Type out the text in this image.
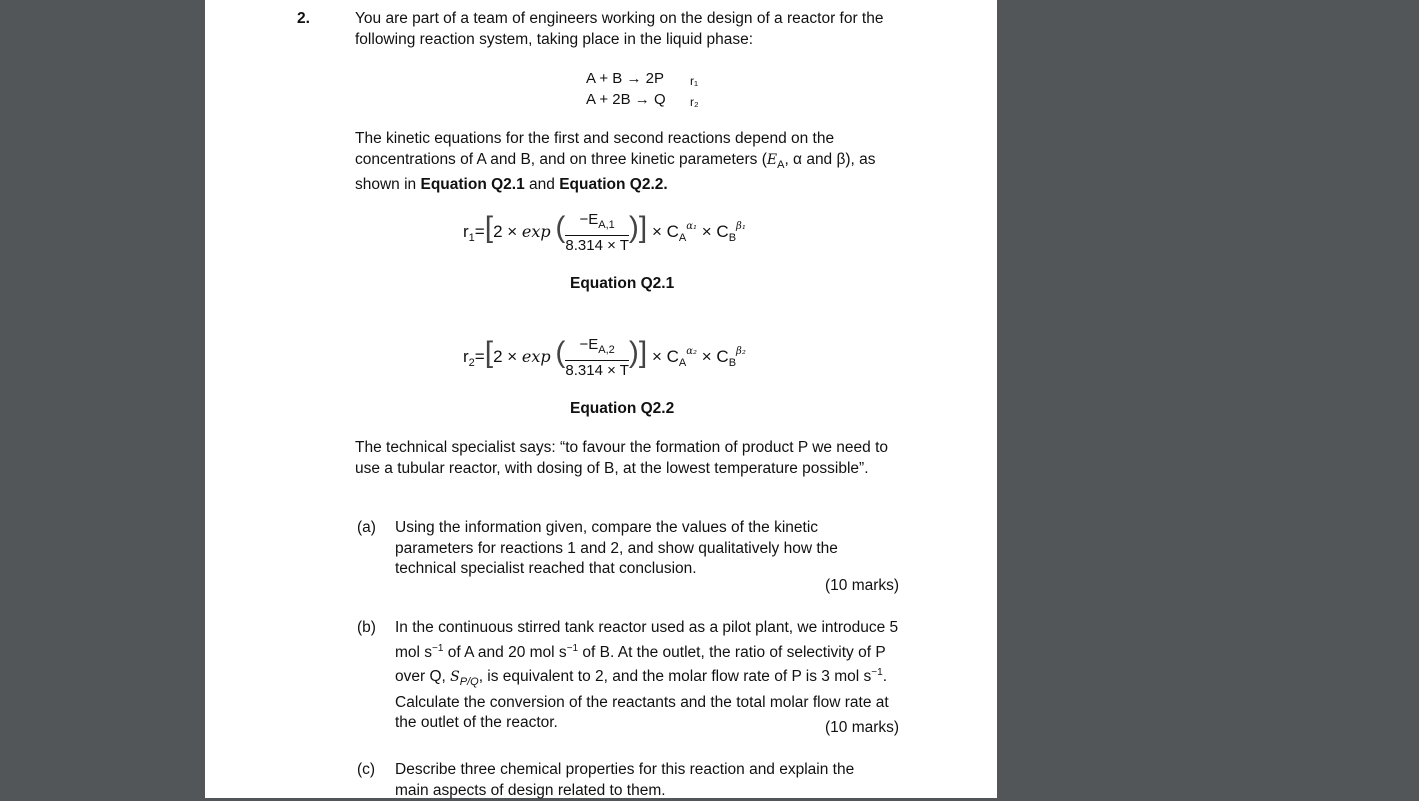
2.	You are part of a team of engineers working on the design of a reactor for the following reaction system, taking place in the liquid phase:
A + B → 2P r₁
A + 2B → Q r₂
The kinetic equations for the first and second reactions depend on the concentrations of A and B, and on three kinetic parameters ($E_A$, α and β), as shown in Equation Q2.1 and Equation Q2.2.
$r_1=[2 \times \exp$ ( $\frac{-E_{A,1}}{8.314 \times T}$ )] × $C_A^{\alpha_1} \times C_B^{\beta_1}$
Equation Q2.1
$r_2=[2 \times \exp$ ( $\frac{-E_{A,2}}{8.314 \times T}$ )] × $C_A^{\alpha_2} \times C_B^{\beta_2}$
Equation Q2.2
The technical specialist says: “to favour the formation of product P we need to use a tubular reactor, with dosing of B, at the lowest temperature possible”.
(a) Using the information given, compare the values of the kinetic parameters for reactions 1 and 2, and show qualitatively how the technical specialist reached that conclusion.
(10 marks)
(b) In the continuous stirred tank reactor used as a pilot plant, we introduce 5 mol $s^{-1}$ of A and 20 mol $s^{-1}$ of B. At the outlet, the ratio of selectivity of P over Q, $S_{P/Q}$, is equivalent to 2, and the molar flow rate of P is 3 mol $s^{-1}$. Calculate the conversion of the reactants and the total molar flow rate at the outlet of the reactor.	(10 marks)
(c) Describe three chemical properties for this reaction and explain the main aspects of design related to them.
